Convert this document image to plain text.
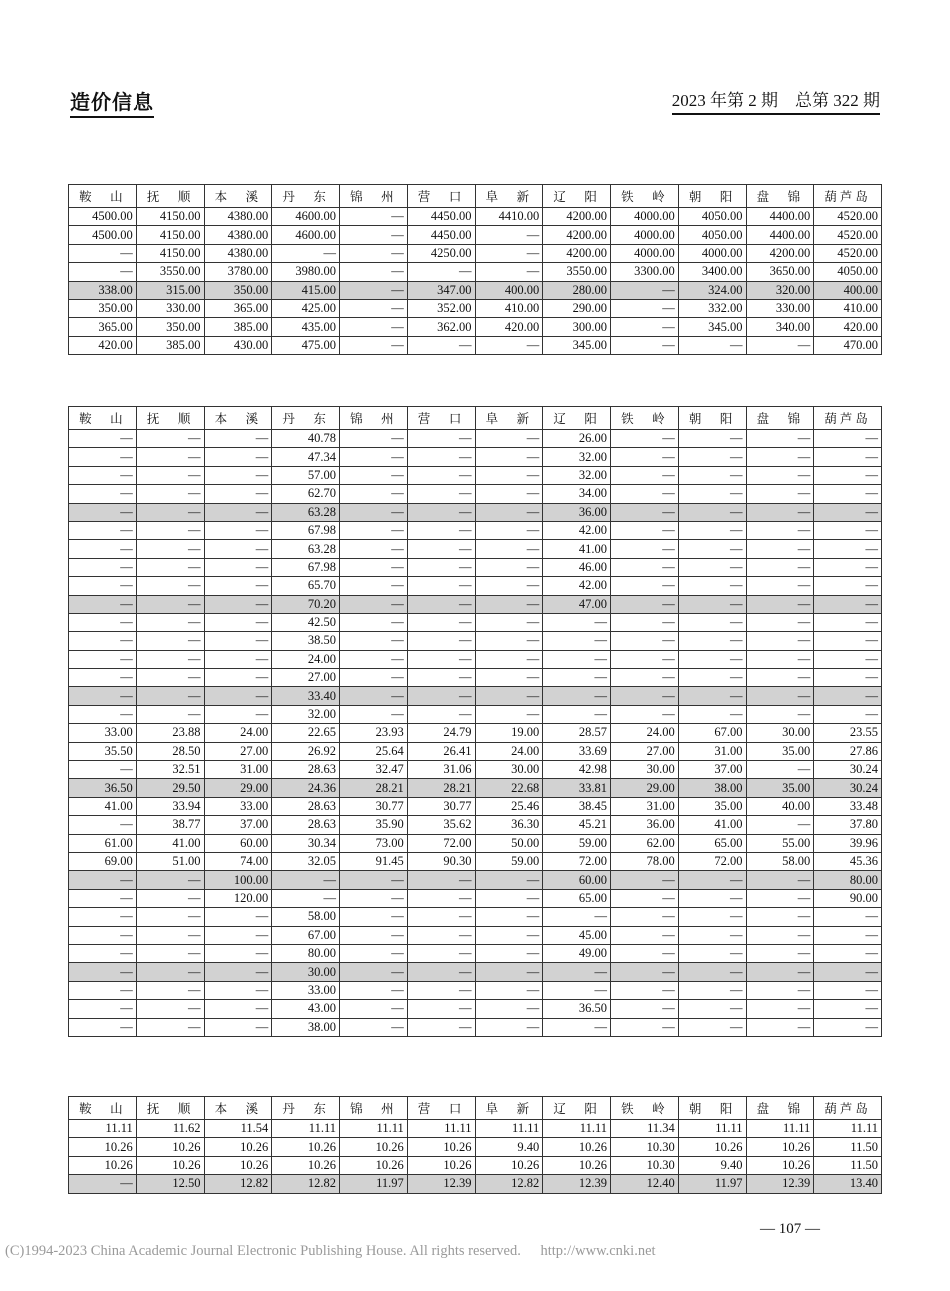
造价信息	2023 年第 2 期　总第 322 期
鞍　山	抚　顺	本　溪	丹　东	锦　州	营　口	阜　新	辽　阳	铁　岭	朝　阳	盘　锦	葫芦岛
4500.00	4150.00	4380.00	4600.00	—	4450.00	4410.00	4200.00	4000.00	4050.00	4400.00	4520.00
4500.00	4150.00	4380.00	4600.00	—	4450.00	—	4200.00	4000.00	4050.00	4400.00	4520.00
—	4150.00	4380.00	—	—	4250.00	—	4200.00	4000.00	4000.00	4200.00	4520.00
—	3550.00	3780.00	3980.00	—	—	—	3550.00	3300.00	3400.00	3650.00	4050.00
338.00	315.00	350.00	415.00	—	347.00	400.00	280.00	—	324.00	320.00	400.00
350.00	330.00	365.00	425.00	—	352.00	410.00	290.00	—	332.00	330.00	410.00
365.00	350.00	385.00	435.00	—	362.00	420.00	300.00	—	345.00	340.00	420.00
420.00	385.00	430.00	475.00	—	—	—	345.00	—	—	—	470.00
鞍　山	抚　顺	本　溪	丹　东	锦　州	营　口	阜　新	辽　阳	铁　岭	朝　阳	盘　锦	葫芦岛
—	—	—	40.78	—	—	—	26.00	—	—	—	—
—	—	—	47.34	—	—	—	32.00	—	—	—	—
—	—	—	57.00	—	—	—	32.00	—	—	—	—
—	—	—	62.70	—	—	—	34.00	—	—	—	—
—	—	—	63.28	—	—	—	36.00	—	—	—	—
—	—	—	67.98	—	—	—	42.00	—	—	—	—
—	—	—	63.28	—	—	—	41.00	—	—	—	—
—	—	—	67.98	—	—	—	46.00	—	—	—	—
—	—	—	65.70	—	—	—	42.00	—	—	—	—
—	—	—	70.20	—	—	—	47.00	—	—	—	—
—	—	—	42.50	—	—	—	—	—	—	—	—
—	—	—	38.50	—	—	—	—	—	—	—	—
—	—	—	24.00	—	—	—	—	—	—	—	—
—	—	—	27.00	—	—	—	—	—	—	—	—
—	—	—	33.40	—	—	—	—	—	—	—	—
—	—	—	32.00	—	—	—	—	—	—	—	—
33.00	23.88	24.00	22.65	23.93	24.79	19.00	28.57	24.00	67.00	30.00	23.55
35.50	28.50	27.00	26.92	25.64	26.41	24.00	33.69	27.00	31.00	35.00	27.86
—	32.51	31.00	28.63	32.47	31.06	30.00	42.98	30.00	37.00	—	30.24
36.50	29.50	29.00	24.36	28.21	28.21	22.68	33.81	29.00	38.00	35.00	30.24
41.00	33.94	33.00	28.63	30.77	30.77	25.46	38.45	31.00	35.00	40.00	33.48
—	38.77	37.00	28.63	35.90	35.62	36.30	45.21	36.00	41.00	—	37.80
61.00	41.00	60.00	30.34	73.00	72.00	50.00	59.00	62.00	65.00	55.00	39.96
69.00	51.00	74.00	32.05	91.45	90.30	59.00	72.00	78.00	72.00	58.00	45.36
—	—	100.00	—	—	—	—	60.00	—	—	—	80.00
—	—	120.00	—	—	—	—	65.00	—	—	—	90.00
—	—	—	58.00	—	—	—	—	—	—	—	—
—	—	—	67.00	—	—	—	45.00	—	—	—	—
—	—	—	80.00	—	—	—	49.00	—	—	—	—
—	—	—	30.00	—	—	—	—	—	—	—	—
—	—	—	33.00	—	—	—	—	—	—	—	—
—	—	—	43.00	—	—	—	36.50	—	—	—	—
—	—	—	38.00	—	—	—	—	—	—	—	—
鞍　山	抚　顺	本　溪	丹　东	锦　州	营　口	阜　新	辽　阳	铁　岭	朝　阳	盘　锦	葫芦岛
11.11	11.62	11.54	11.11	11.11	11.11	11.11	11.11	11.34	11.11	11.11	11.11
10.26	10.26	10.26	10.26	10.26	10.26	9.40	10.26	10.30	10.26	10.26	11.50
10.26	10.26	10.26	10.26	10.26	10.26	10.26	10.26	10.30	9.40	10.26	11.50
—	12.50	12.82	12.82	11.97	12.39	12.82	12.39	12.40	11.97	12.39	13.40
— 107 —
(C)1994-2023 China Academic Journal Electronic Publishing House. All rights reserved. http://www.cnki.net
